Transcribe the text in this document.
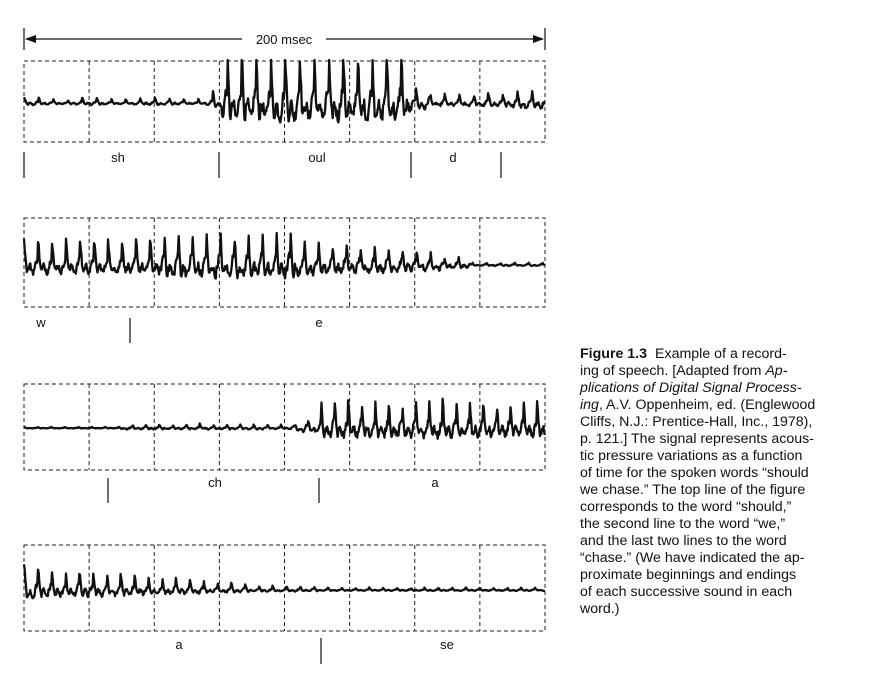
200 msec
sh	oul	d
w	e
ch	a
a	se
Figure 1.3 Example of a record-
ing of speech. [Adapted from Ap-
plications of Digital Signal Process-
ing, A.V. Oppenheim, ed. (Englewood
Cliffs, N.J.: Prentice-Hall, Inc., 1978),
p. 121.] The signal represents acous-
tic pressure variations as a function
of time for the spoken words “should
we chase.” The top line of the figure
corresponds to the word “should,”
the second line to the word “we,”
and the last two lines to the word
“chase.” (We have indicated the ap-
proximate beginnings and endings
of each successive sound in each
word.)
